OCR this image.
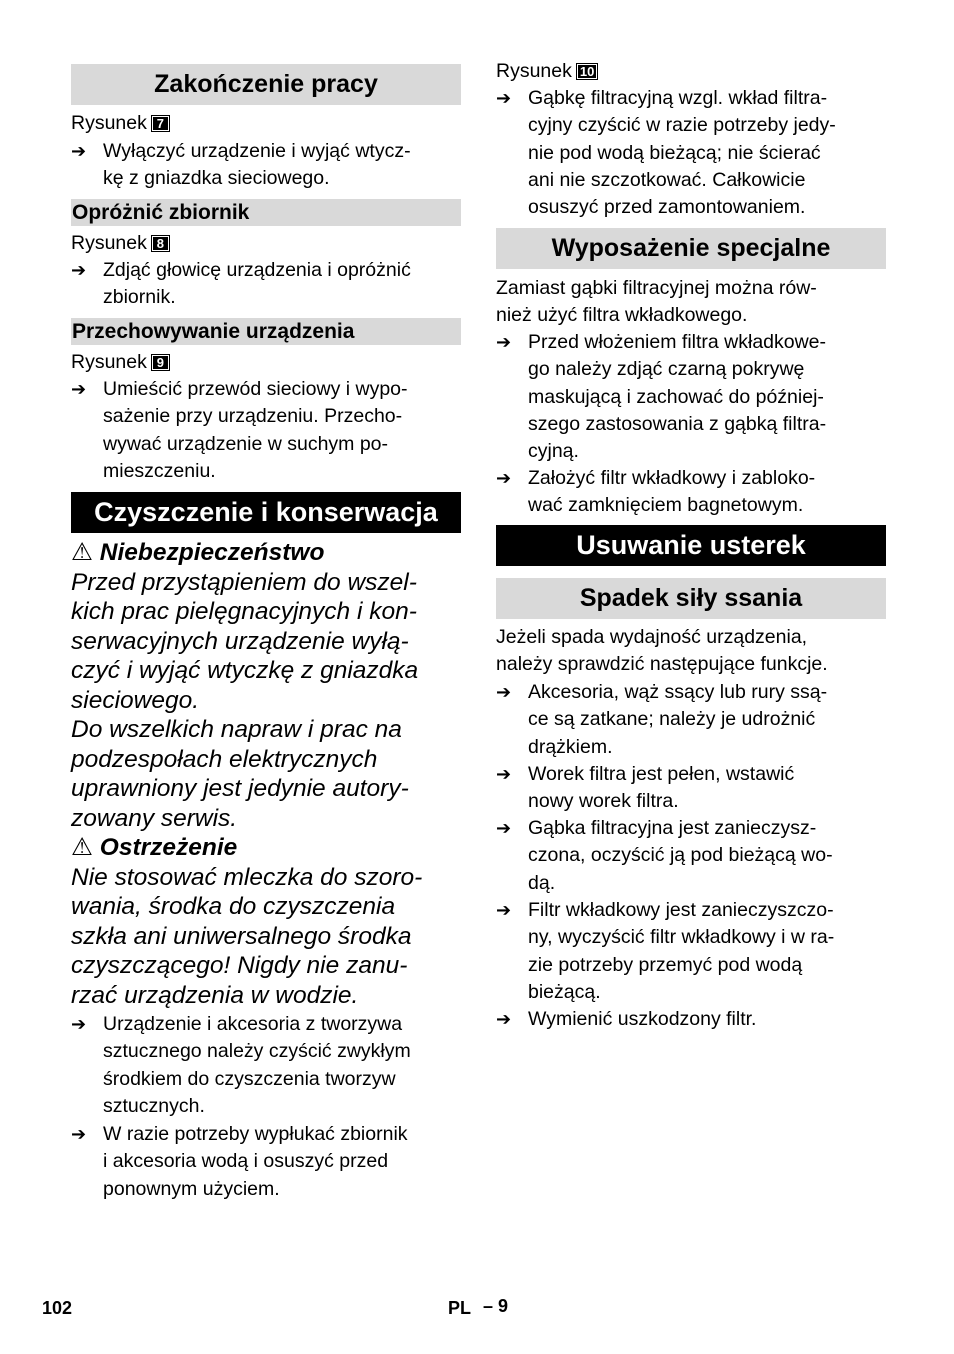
Zakończenie pracy
Rysunek 7
➔ Wyłączyć urządzenie i wyjąć wtycz-
kę z gniazdka sieciowego.
Opróżnić zbiornik
Rysunek 8
➔ Zdjąć głowicę urządzenia i opróżnić
zbiornik.
Przechowywanie urządzenia
Rysunek 9
➔ Umieścić przewód sieciowy i wypo-
sażenie przy urządzeniu. Przecho-
wywać urządzenie w suchym po-
mieszczeniu.
Czyszczenie i konserwacja
⚠ Niebezpieczeństwo
Przed przystąpieniem do wszel-
kich prac pielęgnacyjnych i kon-
serwacyjnych urządzenie wyłą-
czyć i wyjąć wtyczkę z gniazdka
sieciowego.
Do wszelkich napraw i prac na
podzespołach elektrycznych
uprawniony jest jedynie autory-
zowany serwis.
⚠ Ostrzeżenie
Nie stosować mleczka do szoro-
wania, środka do czyszczenia
szkła ani uniwersalnego środka
czyszczącego! Nigdy nie zanu-
rzać urządzenia w wodzie.
➔ Urządzenie i akcesoria z tworzywa
sztucznego należy czyścić zwykłym
środkiem do czyszczenia tworzyw
sztucznych.
➔ W razie potrzeby wypłukać zbiornik
i akcesoria wodą i osuszyć przed
ponownym użyciem.
Rysunek 10
➔ Gąbkę filtracyjną wzgl. wkład filtra-
cyjny czyścić w razie potrzeby jedy-
nie pod wodą bieżącą; nie ścierać
ani nie szczotkować. Całkowicie
osuszyć przed zamontowaniem.
Wyposażenie specjalne
Zamiast gąbki filtracyjnej można rów-
nież użyć filtra wkładkowego.
➔ Przed włożeniem filtra wkładkowe-
go należy zdjąć czarną pokrywę
maskującą i zachować do później-
szego zastosowania z gąbką filtra-
cyjną.
➔ Założyć filtr wkładkowy i zabloko-
wać zamknięciem bagnetowym.
Usuwanie usterek
Spadek siły ssania
Jeżeli spada wydajność urządzenia,
należy sprawdzić następujące funkcje.
➔ Akcesoria, wąż ssący lub rury ssą-
ce są zatkane; należy je udrożnić
drążkiem.
➔ Worek filtra jest pełen, wstawić
nowy worek filtra.
➔ Gąbka filtracyjna jest zanieczysz-
czona, oczyścić ją pod bieżącą wo-
dą.
➔ Filtr wkładkowy jest zanieczyszczo-
ny, wyczyścić filtr wkładkowy i w ra-
zie potrzeby przemyć pod wodą
bieżącą.
➔ Wymienić uszkodzony filtr.
102	PL – 9
